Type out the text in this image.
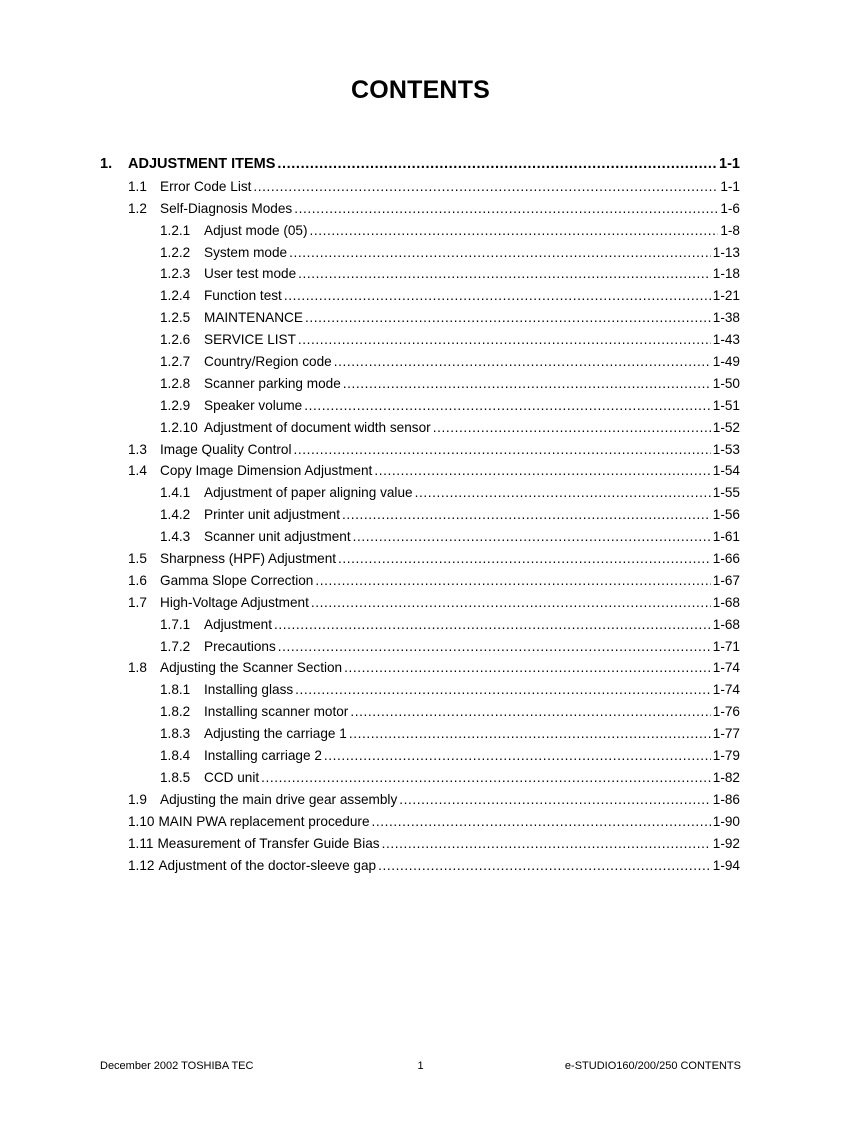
CONTENTS
1.	ADJUSTMENT ITEMS .....	1-1
1.1 Error Code List .....	1-1
1.2 Self-Diagnosis Modes .....	1-6
1.2.1	Adjust mode (05) .....	1-8
1.2.2	System mode .....	1-13
1.2.3	User test mode .....	1-18
1.2.4	Function test .....	1-21
1.2.5	MAINTENANCE .....	1-38
1.2.6	SERVICE LIST .....	1-43
1.2.7	Country/Region code .....	1-49
1.2.8	Scanner parking mode .....	1-50
1.2.9	Speaker volume .....	1-51
1.2.10 Adjustment of document width sensor .....	1-52
1.3 Image Quality Control .....	1-53
1.4 Copy Image Dimension Adjustment .....	1-54
1.4.1	Adjustment of paper aligning value .....	1-55
1.4.2	Printer unit adjustment .....	1-56
1.4.3	Scanner unit adjustment .....	1-61
1.5 Sharpness (HPF) Adjustment .....	1-66
1.6 Gamma Slope Correction .....	1-67
1.7 High-Voltage Adjustment .....	1-68
1.7.1	Adjustment .....	1-68
1.7.2	Precautions .....	1-71
1.8 Adjusting the Scanner Section .....	1-74
1.8.1	Installing glass .....	1-74
1.8.2	Installing scanner motor .....	1-76
1.8.3	Adjusting the carriage 1 .....	1-77
1.8.4	Installing carriage 2 .....	1-79
1.8.5	CCD unit .....	1-82
1.9 Adjusting the main drive gear assembly .....	1-86
1.10 MAIN PWA replacement procedure .....	1-90
1.11 Measurement of Transfer Guide Bias .....	1-92
1.12 Adjustment of the doctor-sleeve gap .....	1-94
December 2002 TOSHIBA TEC	1	e-STUDIO160/200/250 CONTENTS
